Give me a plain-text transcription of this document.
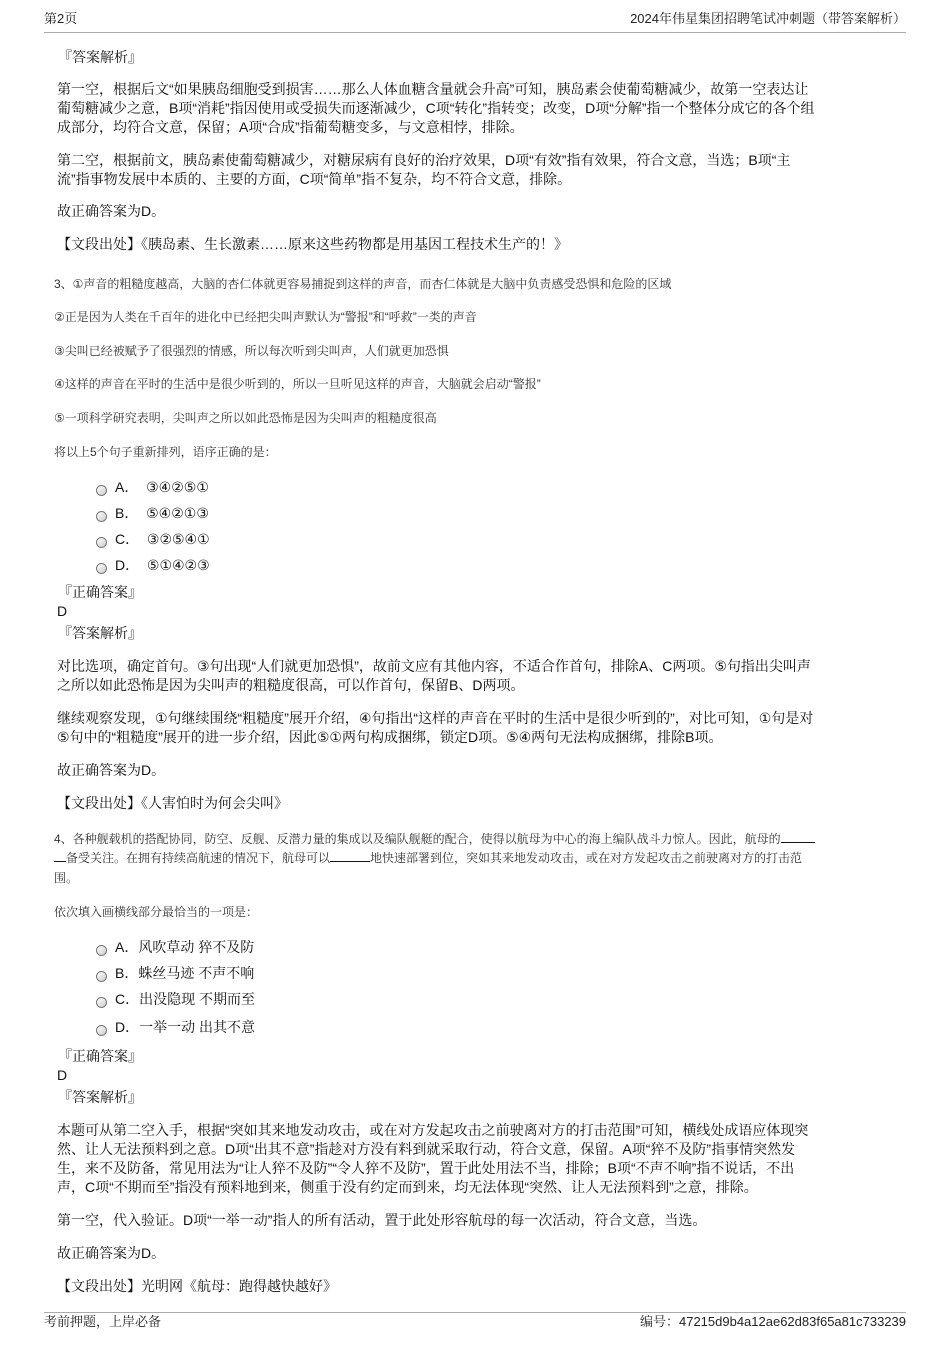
第2页	2024年伟星集团招聘笔试冲刺题（带答案解析）
『答案解析』
第一空，根据后文“如果胰岛细胞受到损害……那么人体血糖含量就会升高”可知，胰岛素会使葡萄糖减少，故第一空表达让
葡萄糖减少之意，B项“消耗”指因使用或受损失而逐渐减少，C项“转化”指转变；改变，D项“分解”指一个整体分成它的各个组
成部分，均符合文意，保留；A项“合成”指葡萄糖变多，与文意相悖，排除。
第二空，根据前文，胰岛素使葡萄糖减少，对糖尿病有良好的治疗效果，D项“有效”指有效果，符合文意，当选；B项“主
流”指事物发展中本质的、主要的方面，C项“简单”指不复杂，均不符合文意，排除。
故正确答案为D。
【文段出处】《胰岛素、生长激素……原来这些药物都是用基因工程技术生产的！》
3、①声音的粗糙度越高，大脑的杏仁体就更容易捕捉到这样的声音，而杏仁体就是大脑中负责感受恐惧和危险的区域
②正是因为人类在千百年的进化中已经把尖叫声默认为“警报”和“呼救”一类的声音
③尖叫已经被赋予了很强烈的情感，所以每次听到尖叫声，人们就更加恐惧
④这样的声音在平时的生活中是很少听到的，所以一旦听见这样的声音，大脑就会启动“警报”
⑤一项科学研究表明，尖叫声之所以如此恐怖是因为尖叫声的粗糙度很高
将以上5个句子重新排列，语序正确的是：
A． ③④②⑤①
B． ⑤④②①③
C． ③②⑤④①
D． ⑤①④②③
『正确答案』
D
『答案解析』
对比选项，确定首句。③句出现“人们就更加恐惧”，故前文应有其他内容，不适合作首句，排除A、C两项。⑤句指出尖叫声
之所以如此恐怖是因为尖叫声的粗糙度很高，可以作首句，保留B、D两项。
继续观察发现，①句继续围绕“粗糙度”展开介绍，④句指出“这样的声音在平时的生活中是很少听到的”，对比可知，①句是对
⑤句中的“粗糙度”展开的进一步介绍，因此⑤①两句构成捆绑，锁定D项。⑤④两句无法构成捆绑，排除B项。
故正确答案为D。
【文段出处】《人害怕时为何会尖叫》
4、各种舰载机的搭配协同，防空、反舰、反潜力量的集成以及编队舰艇的配合，使得以航母为中心的海上编队战斗力惊人。因此，航母的
备受关注。在拥有持续高航速的情况下，航母可以	地快速部署到位，突如其来地发动攻击，或在对方发起攻击之前驶离对方的打击范
围。
依次填入画横线部分最恰当的一项是：
A．风吹草动 猝不及防
B．蛛丝马迹 不声不响
C．出没隐现 不期而至
D．一举一动 出其不意
『正确答案』
D
『答案解析』
本题可从第二空入手，根据“突如其来地发动攻击，或在对方发起攻击之前驶离对方的打击范围”可知，横线处成语应体现突
然、让人无法预料到之意。D项“出其不意”指趁对方没有料到就采取行动，符合文意，保留。A项“猝不及防”指事情突然发
生，来不及防备，常见用法为“让人猝不及防”“令人猝不及防”，置于此处用法不当，排除；B项“不声不响”指不说话，不出
声，C项“不期而至”指没有预料地到来，侧重于没有约定而到来，均无法体现“突然、让人无法预料到”之意，排除。
第一空，代入验证。D项“一举一动”指人的所有活动，置于此处形容航母的每一次活动，符合文意，当选。
故正确答案为D。
【文段出处】光明网《航母：跑得越快越好》
考前押题，上岸必备	编号：47215d9b4a12ae62d83f65a81c733239
